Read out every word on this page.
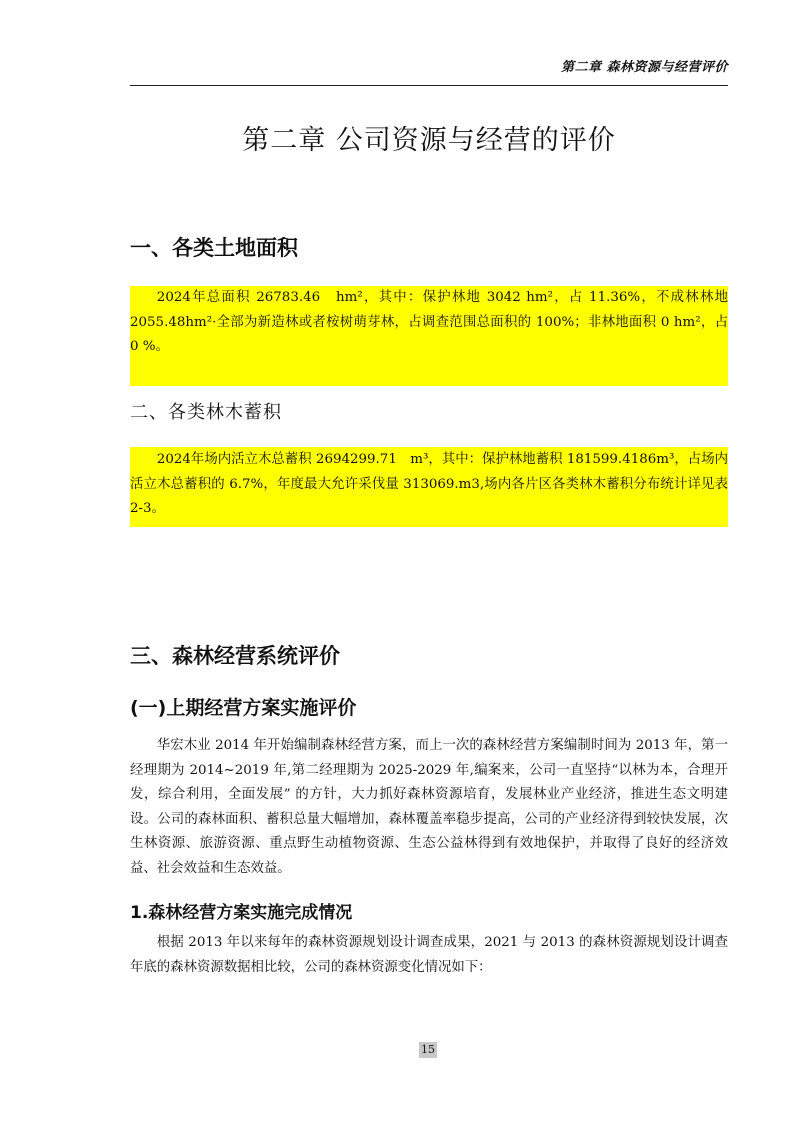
第二章 森林资源与经营评价
第二章 公司资源与经营的评价
一、各类土地面积

2024年总面积 26783.46　hm²，其中：保护林地 3042 hm²，占 11.36%，不成林林地 2055.48hm²·全部为新造林或者桉树萌芽林，占调查范围总面积的 100%；非林地面积 0 hm²，占 0 %。

二、各类林木蓄积

2024年场内活立木总蓄积 2694299.71　m³，其中：保护林地蓄积 181599.4186m³，占场内活立木总蓄积的 6.7%，年度最大允许采伐量 313069.m3,场内各片区各类林木蓄积分布统计详见表 2-3。

三、森林经营系统评价
(一)上期经营方案实施评价

华宏木业 2014 年开始编制森林经营方案，而上一次的森林经营方案编制时间为 2013 年，第一经理期为 2014~2019 年,第二经理期为 2025-2029 年,编案来，公司一直坚持“以林为本，合理开发，综合利用，全面发展” 的方针，大力抓好森林资源培育，发展林业产业经济，推进生态文明建设。公司的森林面积、蓄积总量大幅增加，森林覆盖率稳步提高，公司的产业经济得到较快发展，次生林资源、旅游资源、重点野生动植物资源、生态公益林得到有效地保护，并取得了良好的经济效益、社会效益和生态效益。

1.森林经营方案实施完成情况

根据 2013 年以来每年的森林资源规划设计调查成果，2021 与 2013 的森林资源规划设计调查年底的森林资源数据相比较，公司的森林资源变化情况如下：

15
